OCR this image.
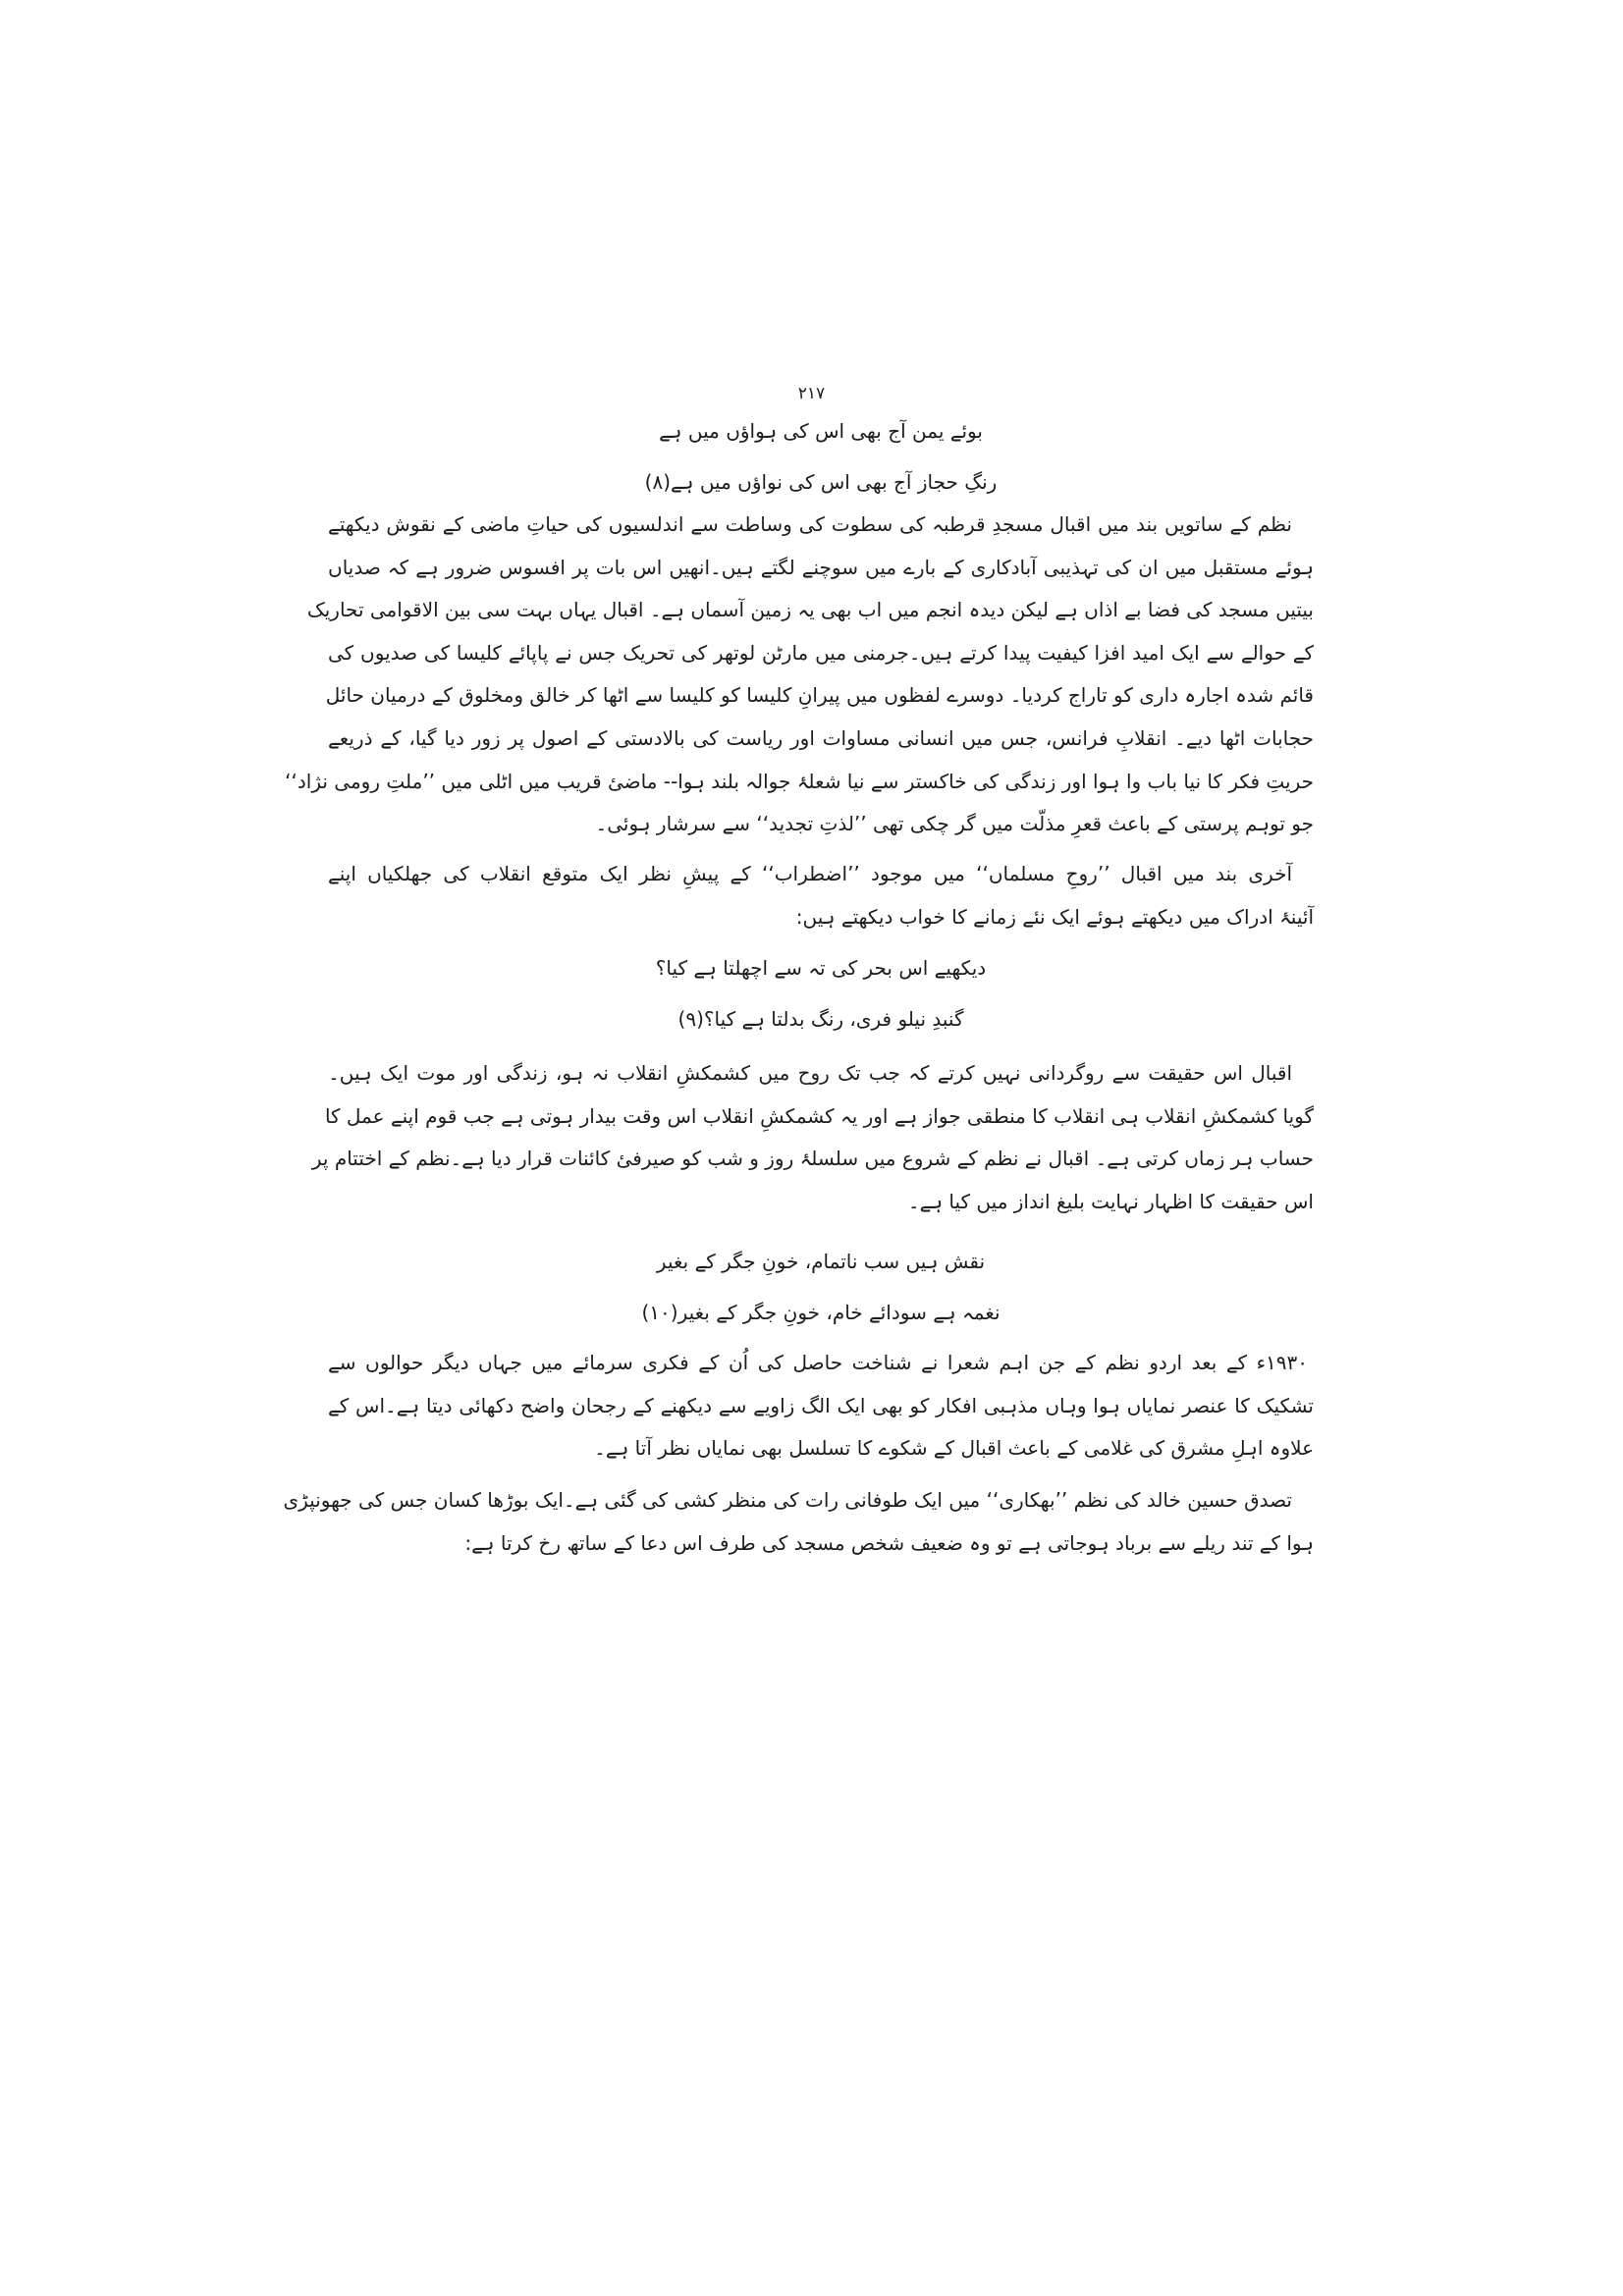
۲۱۷
بوئے یمن آج بھی اس کی ہواؤں میں ہے
رنگِ حجاز آج بھی اس کی نواؤں میں ہے(۸)
نظم کے ساتویں بند میں اقبال مسجدِ قرطبہ کی سطوت کی وساطت سے اندلسیوں کی حیاتِ ماضی کے نقوش دیکھتے
ہوئے مستقبل میں ان کی تہذیبی آبادکاری کے بارے میں سوچنے لگتے ہیں۔انھیں اس بات پر افسوس ضرور ہے کہ صدیاں
بیتیں مسجد کی فضا بے اذاں ہے لیکن دیدہ انجم میں اب بھی یہ زمین آسماں ہے۔ اقبال یہاں بہت سی بین الاقوامی تحاریک
کے حوالے سے ایک امید افزا کیفیت پیدا کرتے ہیں۔جرمنی میں مارٹن لوتھر کی تحریک جس نے پاپائے کلیسا کی صدیوں کی
قائم شدہ اجارہ داری کو تاراج کردیا۔ دوسرے لفظوں میں پیرانِ کلیسا کو کلیسا سے اٹھا کر خالق ومخلوق کے درمیان حائل
حجابات اٹھا دیے۔ انقلابِ فرانس، جس میں انسانی مساوات اور ریاست کی بالادستی کے اصول پر زور دیا گیا، کے ذریعے
حریتِ فکر کا نیا باب وا ہوا اور زندگی کی خاکستر سے نیا شعلۂ جوالہ بلند ہوا-- ماضیٔ قریب میں اٹلی میں ’’ملتِ رومی نژاد‘‘
جو توہم پرستی کے باعث قعرِ مذلّت میں گر چکی تھی ’’لذتِ تجدید‘‘ سے سرشار ہوئی۔
آخری بند میں اقبال ’’روحِ مسلماں‘‘ میں موجود ’’اضطراب‘‘ کے پیشِ نظر ایک متوقع انقلاب کی جھلکیاں اپنے
آئینۂ ادراک میں دیکھتے ہوئے ایک نئے زمانے کا خواب دیکھتے ہیں:
دیکھیے اس بحر کی تہ سے اچھلتا ہے کیا؟
گنبدِ نیلو فری، رنگ بدلتا ہے کیا؟(۹)
اقبال اس حقیقت سے روگردانی نہیں کرتے کہ جب تک روح میں کشمکشِ انقلاب نہ ہو، زندگی اور موت ایک ہیں۔
گویا کشمکشِ انقلاب ہی انقلاب کا منطقی جواز ہے اور یہ کشمکشِ انقلاب اس وقت بیدار ہوتی ہے جب قوم اپنے عمل کا
حساب ہر زماں کرتی ہے۔ اقبال نے نظم کے شروع میں سلسلۂ روز و شب کو صیرفیٔ کائنات قرار دیا ہے۔نظم کے اختتام پر
اس حقیقت کا اظہار نہایت بلیغ انداز میں کیا ہے۔
نقش ہیں سب ناتمام، خونِ جگر کے بغیر
نغمہ ہے سودائے خام، خونِ جگر کے بغیر(۱۰)
۱۹۳۰ء کے بعد اردو نظم کے جن اہم شعرا نے شناخت حاصل کی اُن کے فکری سرمائے میں جہاں دیگر حوالوں سے
تشکیک کا عنصر نمایاں ہوا وہاں مذہبی افکار کو بھی ایک الگ زاویے سے دیکھنے کے رجحان واضح دکھائی دیتا ہے۔اس کے
علاوہ اہلِ مشرق کی غلامی کے باعث اقبال کے شکوے کا تسلسل بھی نمایاں نظر آتا ہے۔
تصدق حسین خالد کی نظم ’’بھکاری‘‘ میں ایک طوفانی رات کی منظر کشی کی گئی ہے۔ایک بوڑھا کسان جس کی جھونپڑی
ہوا کے تند ریلے سے برباد ہوجاتی ہے تو وہ ضعیف شخص مسجد کی طرف اس دعا کے ساتھ رخ کرتا ہے:
